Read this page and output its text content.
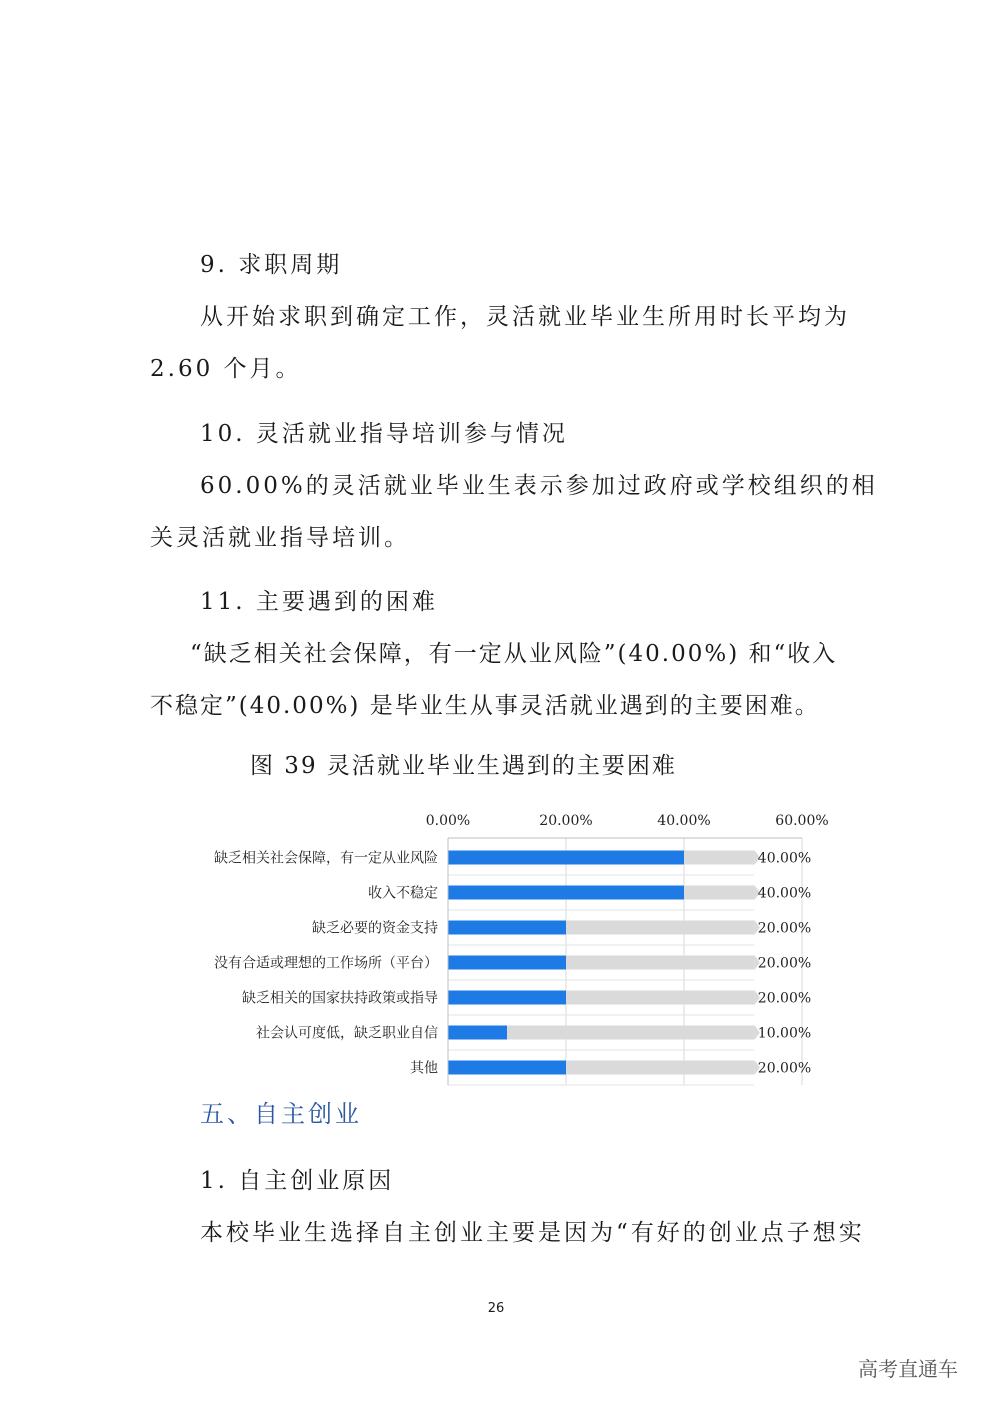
9. 求职周期
从开始求职到确定工作，灵活就业毕业生所用时长平均为
2.60 个月。
10. 灵活就业指导培训参与情况
60.00%的灵活就业毕业生表示参加过政府或学校组织的相
关灵活就业指导培训。
11. 主要遇到的困难
“缺乏相关社会保障，有一定从业风险”(40.00%) 和“收入
不稳定”(40.00%) 是毕业生从事灵活就业遇到的主要困难。
图 39 灵活就业毕业生遇到的主要困难
0.00%	20.00%	40.00%	60.00%
缺乏相关社会保障，有一定从业风险	40.00%
收入不稳定	40.00%
缺乏必要的资金支持	20.00%
没有合适或理想的工作场所（平台）	20.00%
缺乏相关的国家扶持政策或指导	20.00%
社会认可度低，缺乏职业自信	10.00%
其他	20.00%
五、自主创业
1. 自主创业原因
本校毕业生选择自主创业主要是因为“有好的创业点子想实
26
高考直通车
